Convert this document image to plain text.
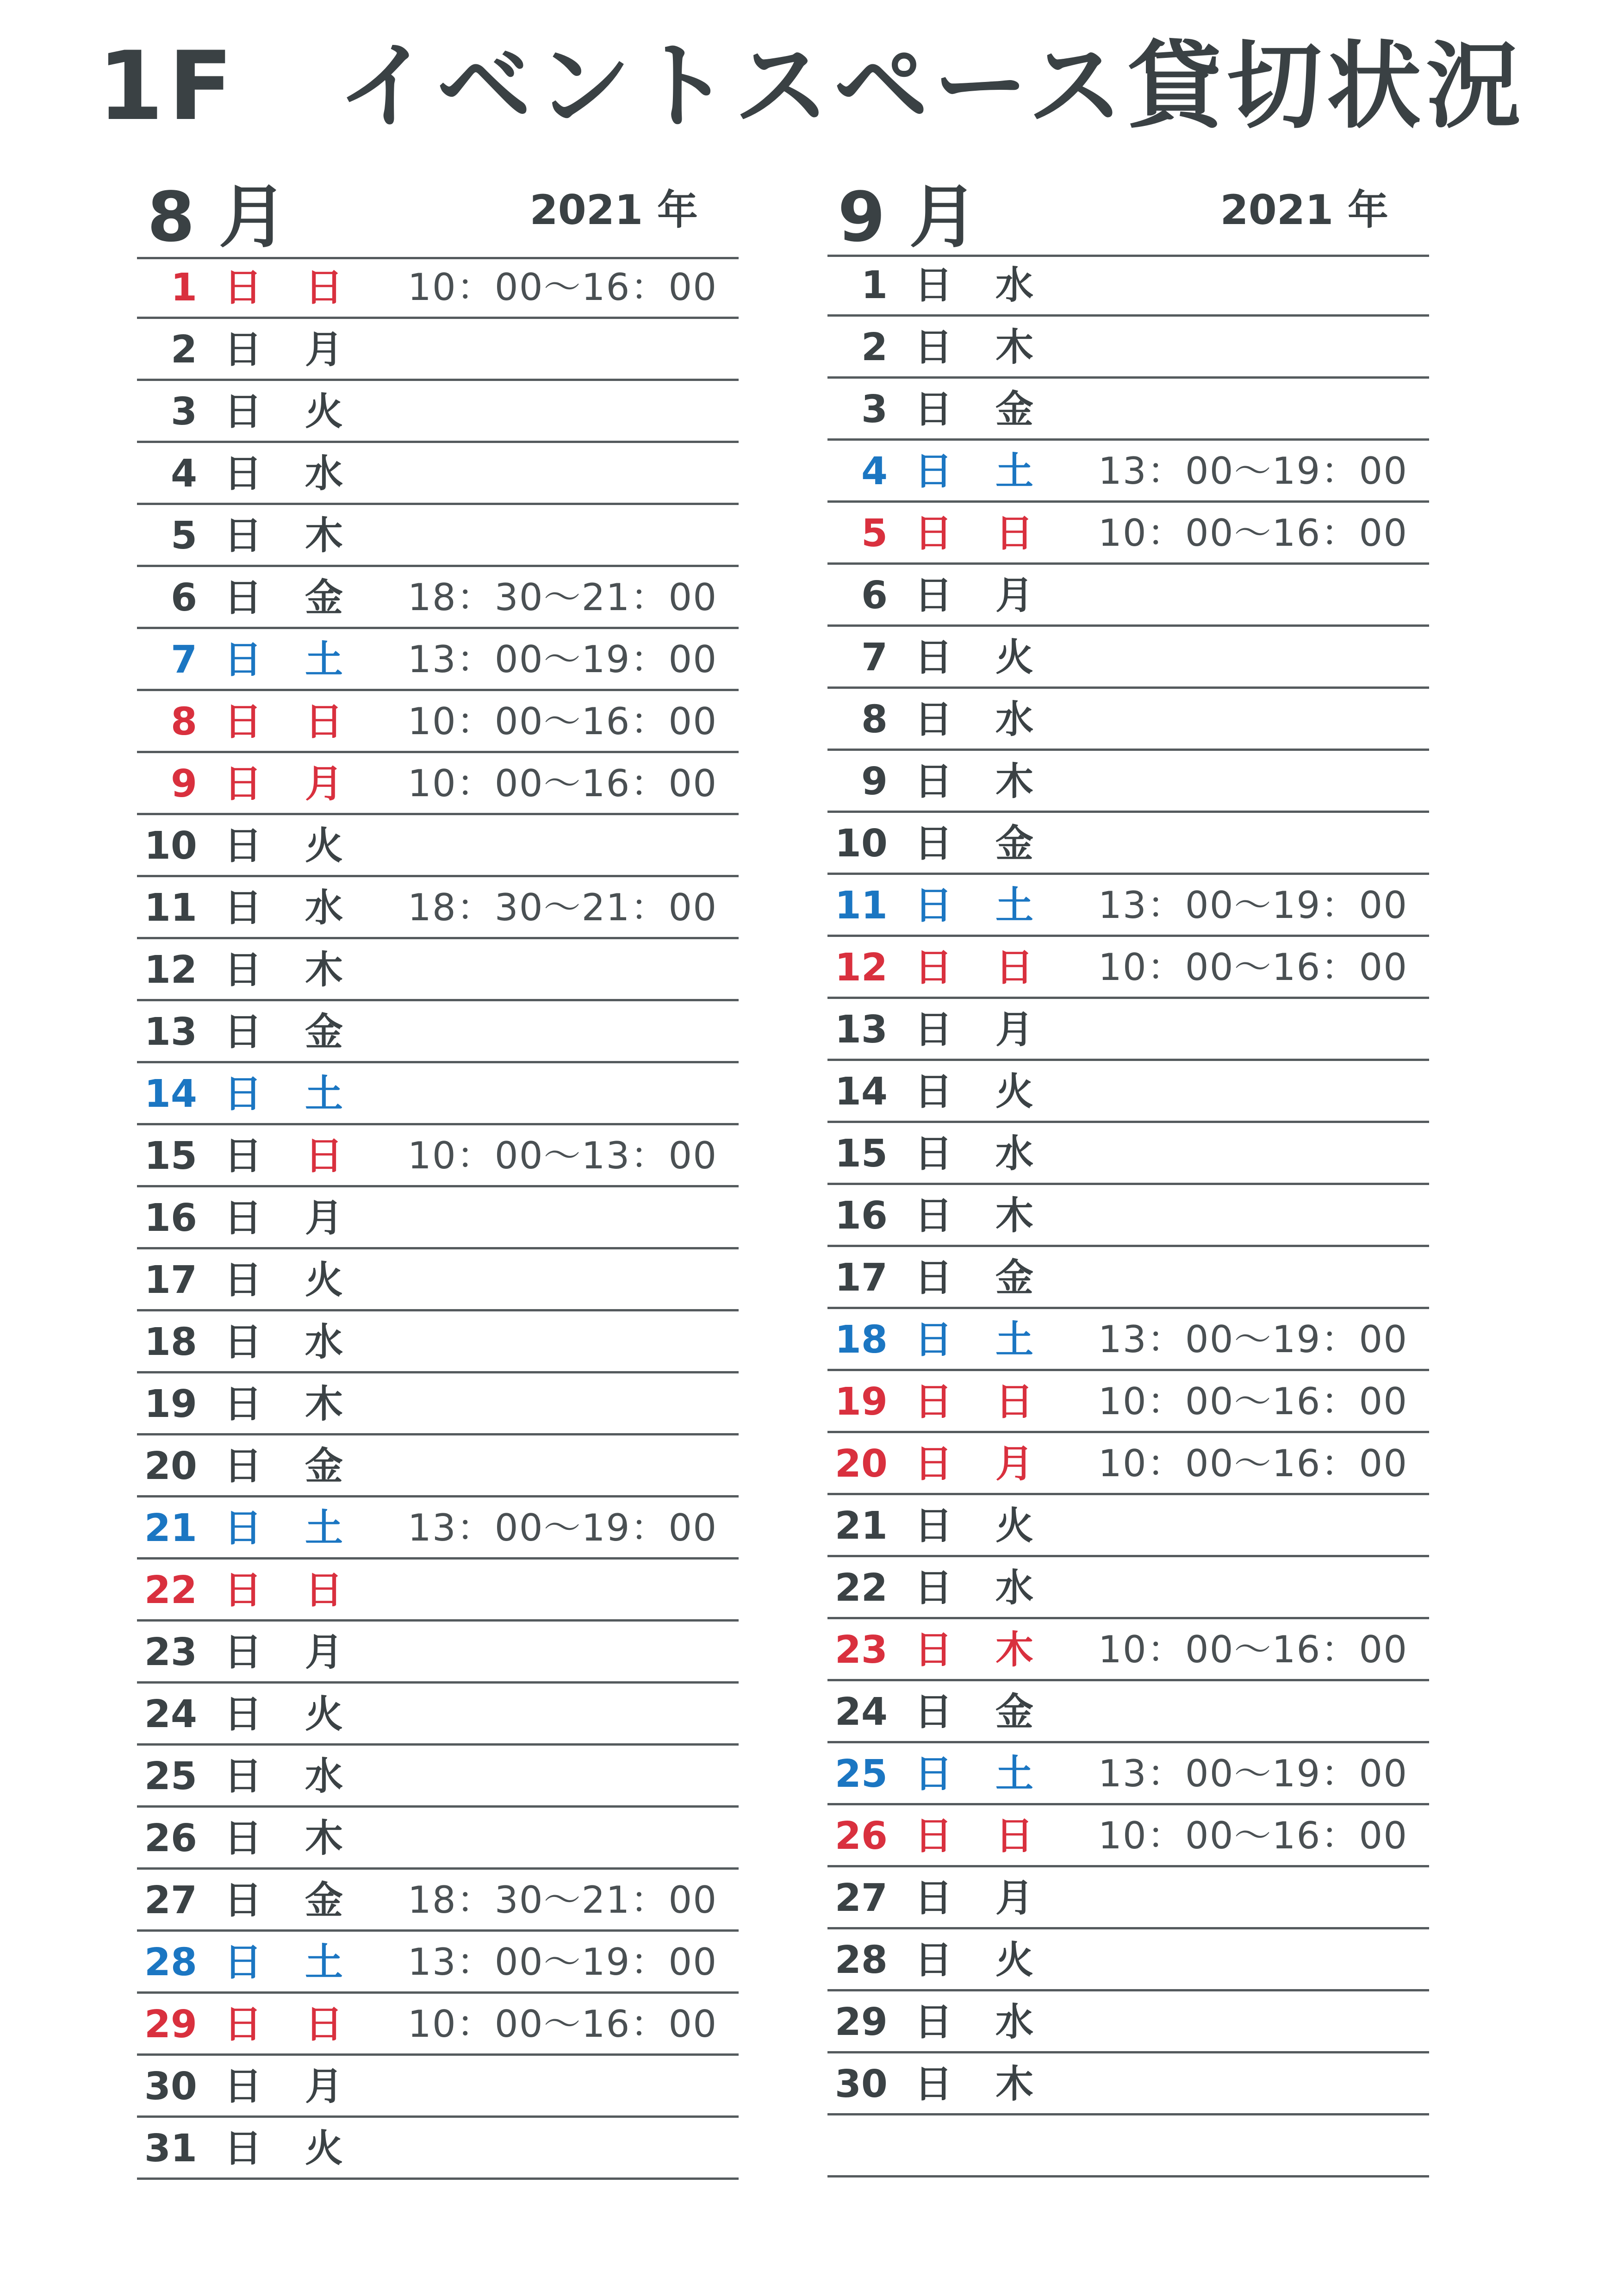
1F　イベントスペース貸切状況
8 月	2021 年
1 日 日 10：00〜16：00
2 日 月
3 日 火
4 日 水
5 日 木
6 日 金 18：30〜21：00
7 日 土 13：00〜19：00
8 日 日 10：00〜16：00
9 日 月 10：00〜16：00
10 日 火
11 日 水 18：30〜21：00
12 日 木
13 日 金
14 日 土
15 日 日 10：00〜13：00
16 日 月
17 日 火
18 日 水
19 日 木
20 日 金
21 日 土 13：00〜19：00
22 日 日
23 日 月
24 日 火
25 日 水
26 日 木
27 日 金 18：30〜21：00
28 日 土 13：00〜19：00
29 日 日 10：00〜16：00
30 日 月
31 日 火
9 月	2021 年
1 日 水
2 日 木
3 日 金
4 日 土 13：00〜19：00
5 日 日 10：00〜16：00
6 日 月
7 日 火
8 日 水
9 日 木
10 日 金
11 日 土 13：00〜19：00
12 日 日 10：00〜16：00
13 日 月
14 日 火
15 日 水
16 日 木
17 日 金
18 日 土 13：00〜19：00
19 日 日 10：00〜16：00
20 日 月 10：00〜16：00
21 日 火
22 日 水
23 日 木 10：00〜16：00
24 日 金
25 日 土 13：00〜19：00
26 日 日 10：00〜16：00
27 日 月
28 日 火
29 日 水
30 日 木
